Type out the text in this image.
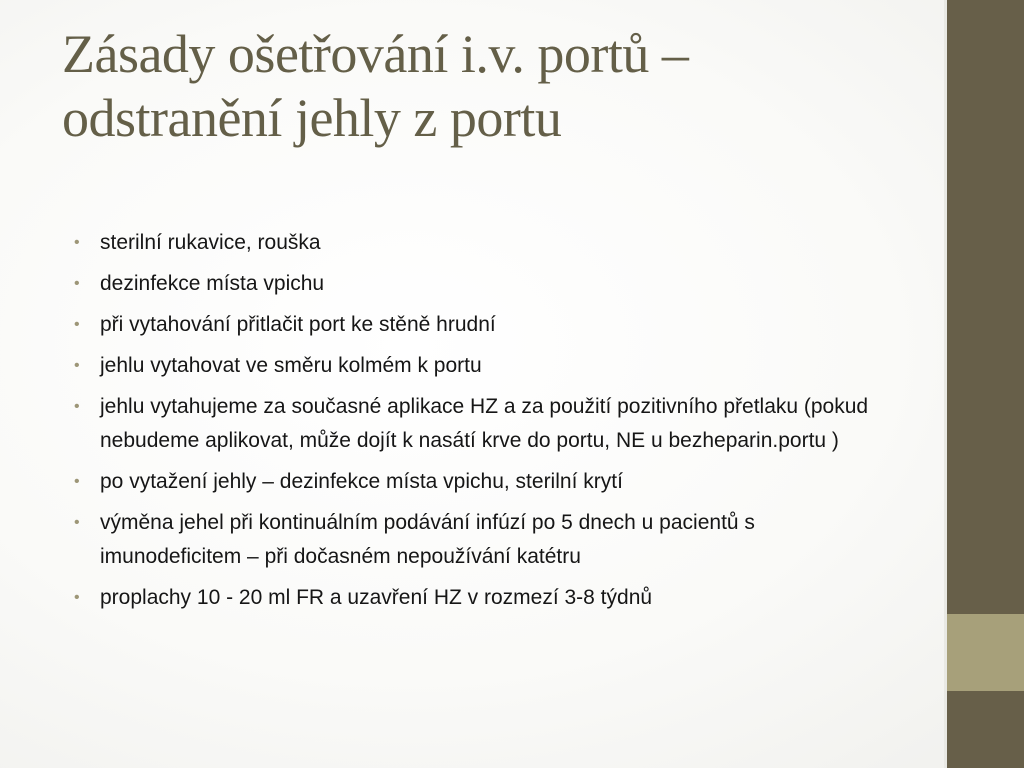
Zásady ošetřování i.v. portů –
odstranění jehly z portu
• sterilní rukavice, rouška
• dezinfekce místa vpichu
• při vytahování přitlačit port ke stěně hrudní
• jehlu vytahovat ve směru kolmém k portu
• jehlu vytahujeme za současné aplikace HZ a za použití pozitivního přetlaku (pokud nebudeme aplikovat, může dojít k nasátí krve do portu, NE u bezheparin.portu )
• po vytažení jehly – dezinfekce místa vpichu, sterilní krytí
• výměna jehel při kontinuálním podávání infúzí po 5 dnech u pacientů s imunodeficitem – při dočasném nepoužívání katétru
• proplachy 10 - 20 ml FR a uzavření HZ v rozmezí 3-8 týdnů
